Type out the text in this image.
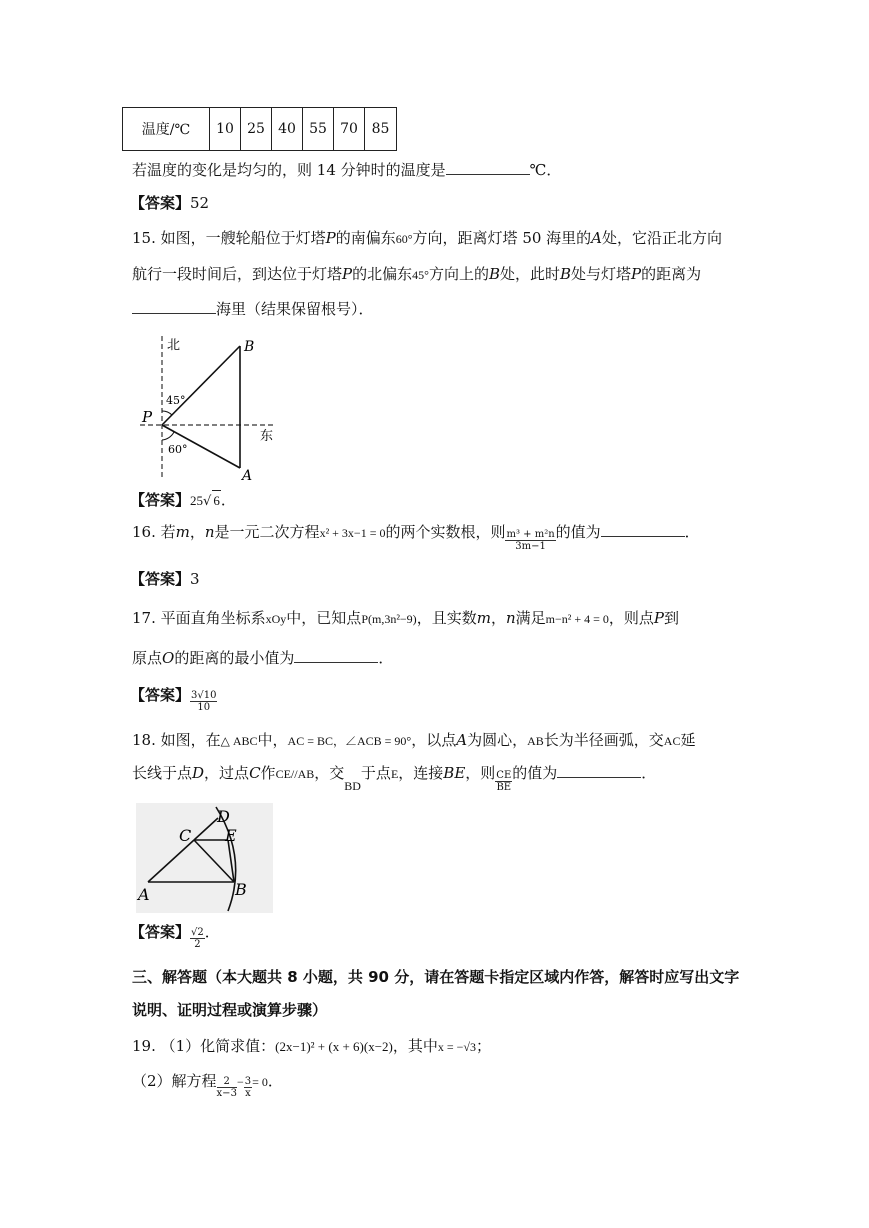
温度/℃	10	25	40	55	70	85
若温度的变化是均匀的，则 14 分钟时的温度是	℃．
【答案】52
15. 如图，一艘轮船位于灯塔P的南偏东60°方向，距离灯塔 50 海里的A处，它沿正北方向
航行一段时间后，到达位于灯塔P的北偏东45°方向上的B处，此时B处与灯塔P的距离为
海里（结果保留根号）．
北	B
45°
P
东
60°
A
【答案】25√ 6．
16. 若m，n是一元二次方程x² + 3x−1 = 0的两个实数根，则 $\frac{\text{m³ + m²n}}{3m-1}$ 的值为	．
【答案】3
17. 平面直角坐标系xOy中，已知点P(m,3n²−9)，且实数m，n满足m−n² + 4 = 0，则点P到
原点O的距离的最小值为	．
【答案】 $\frac{3√10}{10}$
18. 如图，在△ ABC中，AC = BC，∠ACB = 90°，以点A为圆心，AB长为半径画弧，交AC延
长线于点D，过点C作CE//AB，交$_{BD}$于点E，连接BE，则 $\frac{CE}{BE}$ 的值为	．
C
D
E
A	B
【答案】 $\frac{√2}{2}$ ．
三、解答题（本大题共 8 小题，共 90 分，请在答题卡指定区域内作答，解答时应写出文字
说明、证明过程或演算步骤）
19. （1）化简求值：(2x−1)² + (x + 6)(x−2)，其中x = −√3；
（2）解方程 $\frac{2}{x-3} - \frac{3}{x} = 0$．
